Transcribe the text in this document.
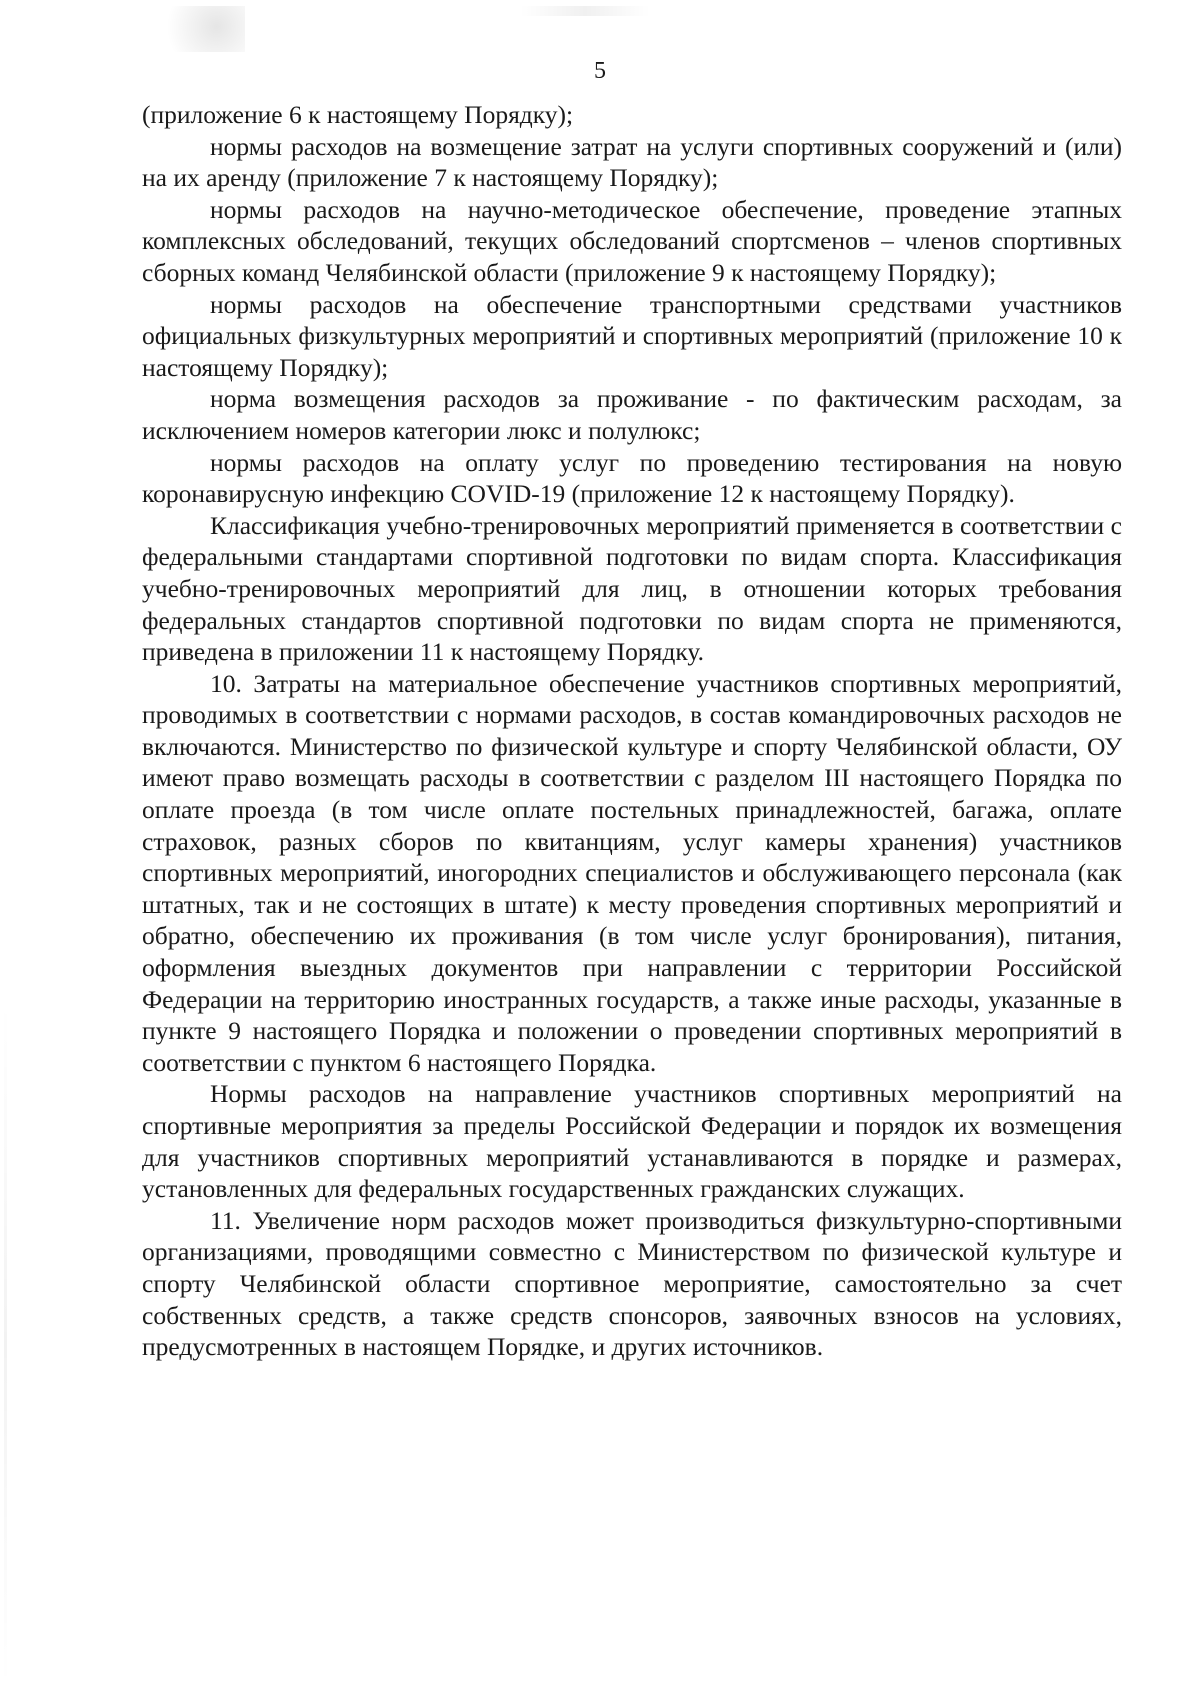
5

(приложение 6 к настоящему Порядку);

нормы расходов на возмещение затрат на услуги спортивных сооружений и (или) на их аренду (приложение 7 к настоящему Порядку);

нормы расходов на научно-методическое обеспечение, проведение этапных комплексных обследований, текущих обследований спортсменов – членов спортивных сборных команд Челябинской области (приложение 9 к настоящему Порядку);

нормы расходов на обеспечение транспортными средствами участников официальных физкультурных мероприятий и спортивных мероприятий (приложение 10 к настоящему Порядку);

норма возмещения расходов за проживание - по фактическим расходам, за исключением номеров категории люкс и полулюкс;

нормы расходов на оплату услуг по проведению тестирования на новую коронавирусную инфекцию COVID-19 (приложение 12 к настоящему Порядку).

Классификация учебно-тренировочных мероприятий применяется в соответствии с федеральными стандартами спортивной подготовки по видам спорта. Классификация учебно-тренировочных мероприятий для лиц, в отношении которых требования федеральных стандартов спортивной подготовки по видам спорта не применяются, приведена в приложении 11 к настоящему Порядку.

10. Затраты на материальное обеспечение участников спортивных мероприятий, проводимых в соответствии с нормами расходов, в состав командировочных расходов не включаются. Министерство по физической культуре и спорту Челябинской области, ОУ имеют право возмещать расходы в соответствии с разделом III настоящего Порядка по оплате проезда (в том числе оплате постельных принадлежностей, багажа, оплате страховок, разных сборов по квитанциям, услуг камеры хранения) участников спортивных мероприятий, иногородних специалистов и обслуживающего персонала (как штатных, так и не состоящих в штате) к месту проведения спортивных мероприятий и обратно, обеспечению их проживания (в том числе услуг бронирования), питания, оформления выездных документов при направлении с территории Российской Федерации на территорию иностранных государств, а также иные расходы, указанные в пункте 9 настоящего Порядка и положении о проведении спортивных мероприятий в соответствии с пунктом 6 настоящего Порядка.

Нормы расходов на направление участников спортивных мероприятий на спортивные мероприятия за пределы Российской Федерации и порядок их возмещения для участников спортивных мероприятий устанавливаются в порядке и размерах, установленных для федеральных государственных гражданских служащих.

11. Увеличение норм расходов может производиться физкультурно-спортивными организациями, проводящими совместно с Министерством по физической культуре и спорту Челябинской области спортивное мероприятие, самостоятельно за счет собственных средств, а также средств спонсоров, заявочных взносов на условиях, предусмотренных в настоящем Порядке, и других источников.
